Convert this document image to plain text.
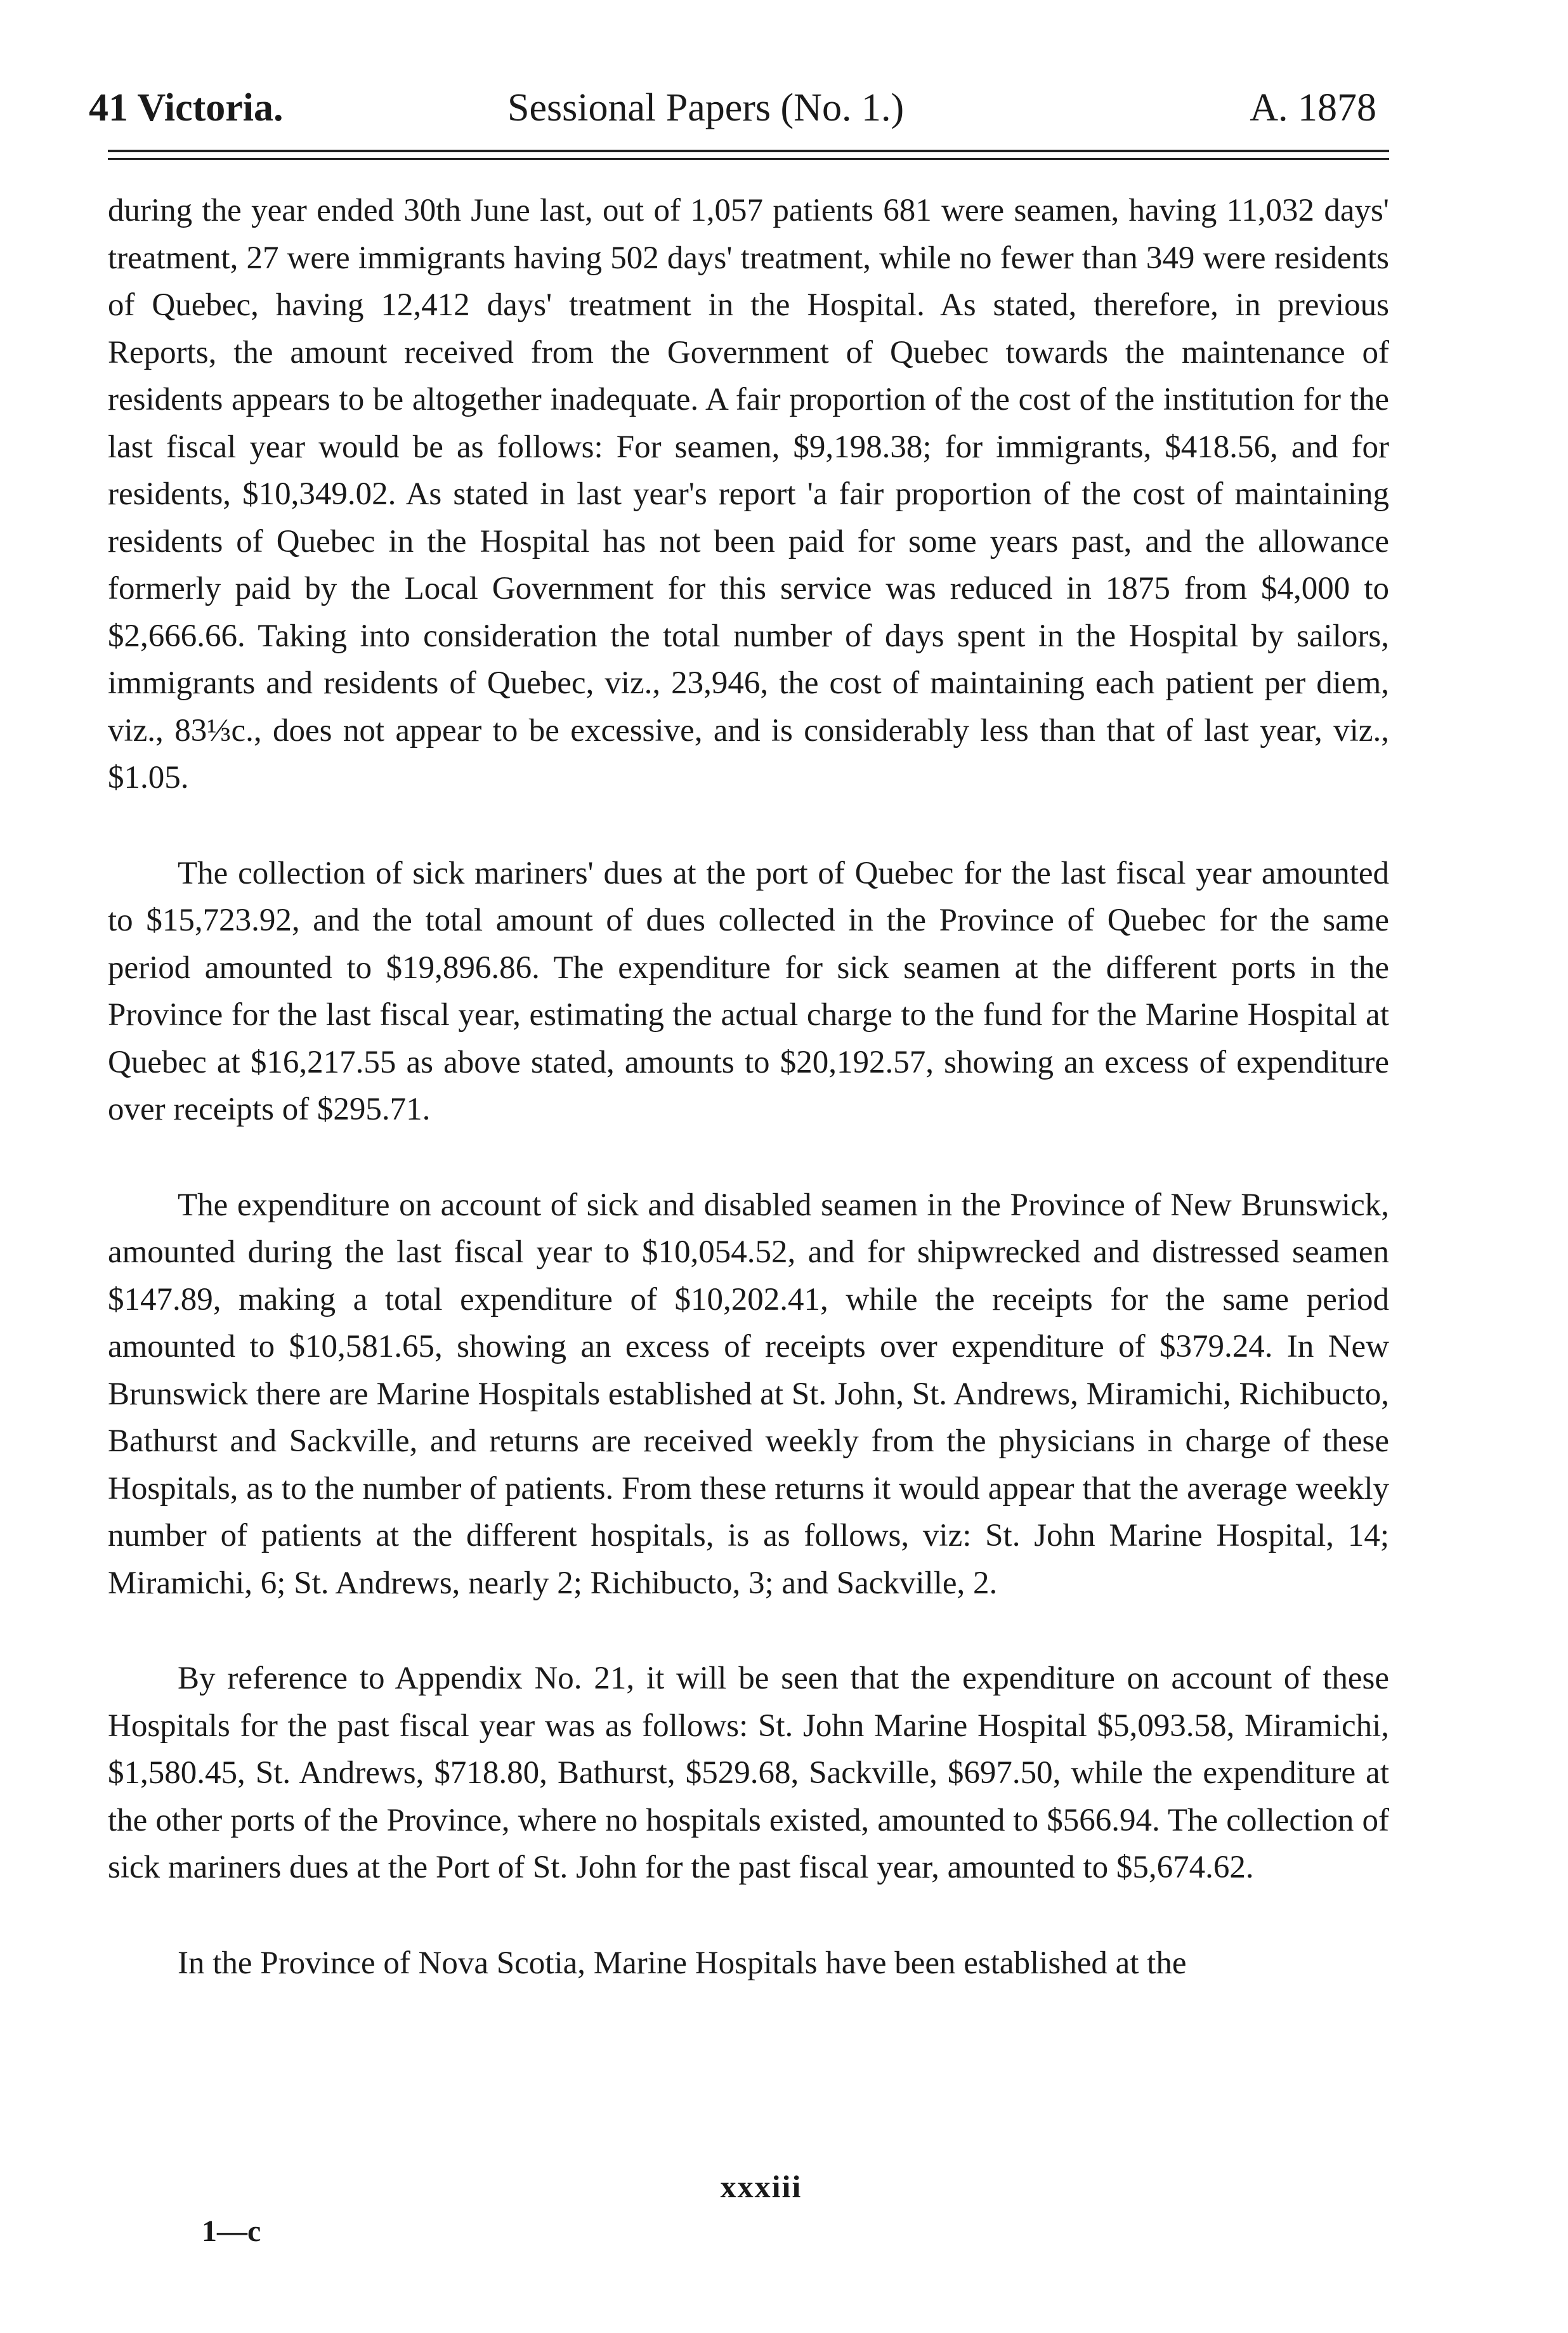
41 Victoria.	Sessional Papers (No. 1.)	A. 1878

during the year ended 30th June last, out of 1,057 patients 681 were seamen, having 11,032 days' treatment, 27 were immigrants having 502 days' treatment, while no fewer than 349 were residents of Quebec, having 12,412 days' treatment in the Hospital. As stated, therefore, in previous Reports, the amount received from the Government of Quebec towards the maintenance of residents appears to be altogether inadequate. A fair proportion of the cost of the institution for the last fiscal year would be as follows: For seamen, $9,198.38; for immigrants, $418.56, and for residents, $10,349.02. As stated in last year's report 'a fair proportion of the cost of maintaining residents of Quebec in the Hospital has not been paid for some years past, and the allowance formerly paid by the Local Government for this service was reduced in 1875 from $4,000 to $2,666.66. Taking into consideration the total number of days spent in the Hospital by sailors, immigrants and residents of Quebec, viz., 23,946, the cost of maintaining each patient per diem, viz., 83⅓c., does not appear to be excessive, and is considerably less than that of last year, viz., $1.05.

The collection of sick mariners' dues at the port of Quebec for the last fiscal year amounted to $15,723.92, and the total amount of dues collected in the Province of Quebec for the same period amounted to $19,896.86. The expenditure for sick seamen at the different ports in the Province for the last fiscal year, estimating the actual charge to the fund for the Marine Hospital at Quebec at $16,217.55 as above stated, amounts to $20,192.57, showing an excess of expenditure over receipts of $295.71.

The expenditure on account of sick and disabled seamen in the Province of New Brunswick, amounted during the last fiscal year to $10,054.52, and for shipwrecked and distressed seamen $147.89, making a total expenditure of $10,202.41, while the receipts for the same period amounted to $10,581.65, showing an excess of receipts over expenditure of $379.24. In New Brunswick there are Marine Hospitals established at St. John, St. Andrews, Miramichi, Richibucto, Bathurst and Sackville, and returns are received weekly from the physicians in charge of these Hospitals, as to the number of patients. From these returns it would appear that the average weekly number of patients at the different hospitals, is as follows, viz: St. John Marine Hospital, 14; Miramichi, 6; St. Andrews, nearly 2; Richibucto, 3; and Sackville, 2.

By reference to Appendix No. 21, it will be seen that the expenditure on account of these Hospitals for the past fiscal year was as follows: St. John Marine Hospital $5,093.58, Miramichi, $1,580.45, St. Andrews, $718.80, Bathurst, $529.68, Sackville, $697.50, while the expenditure at the other ports of the Province, where no hospitals existed, amounted to $566.94. The collection of sick mariners dues at the Port of St. John for the past fiscal year, amounted to $5,674.62.

In the Province of Nova Scotia, Marine Hospitals have been established at the

xxxiii
1—c
